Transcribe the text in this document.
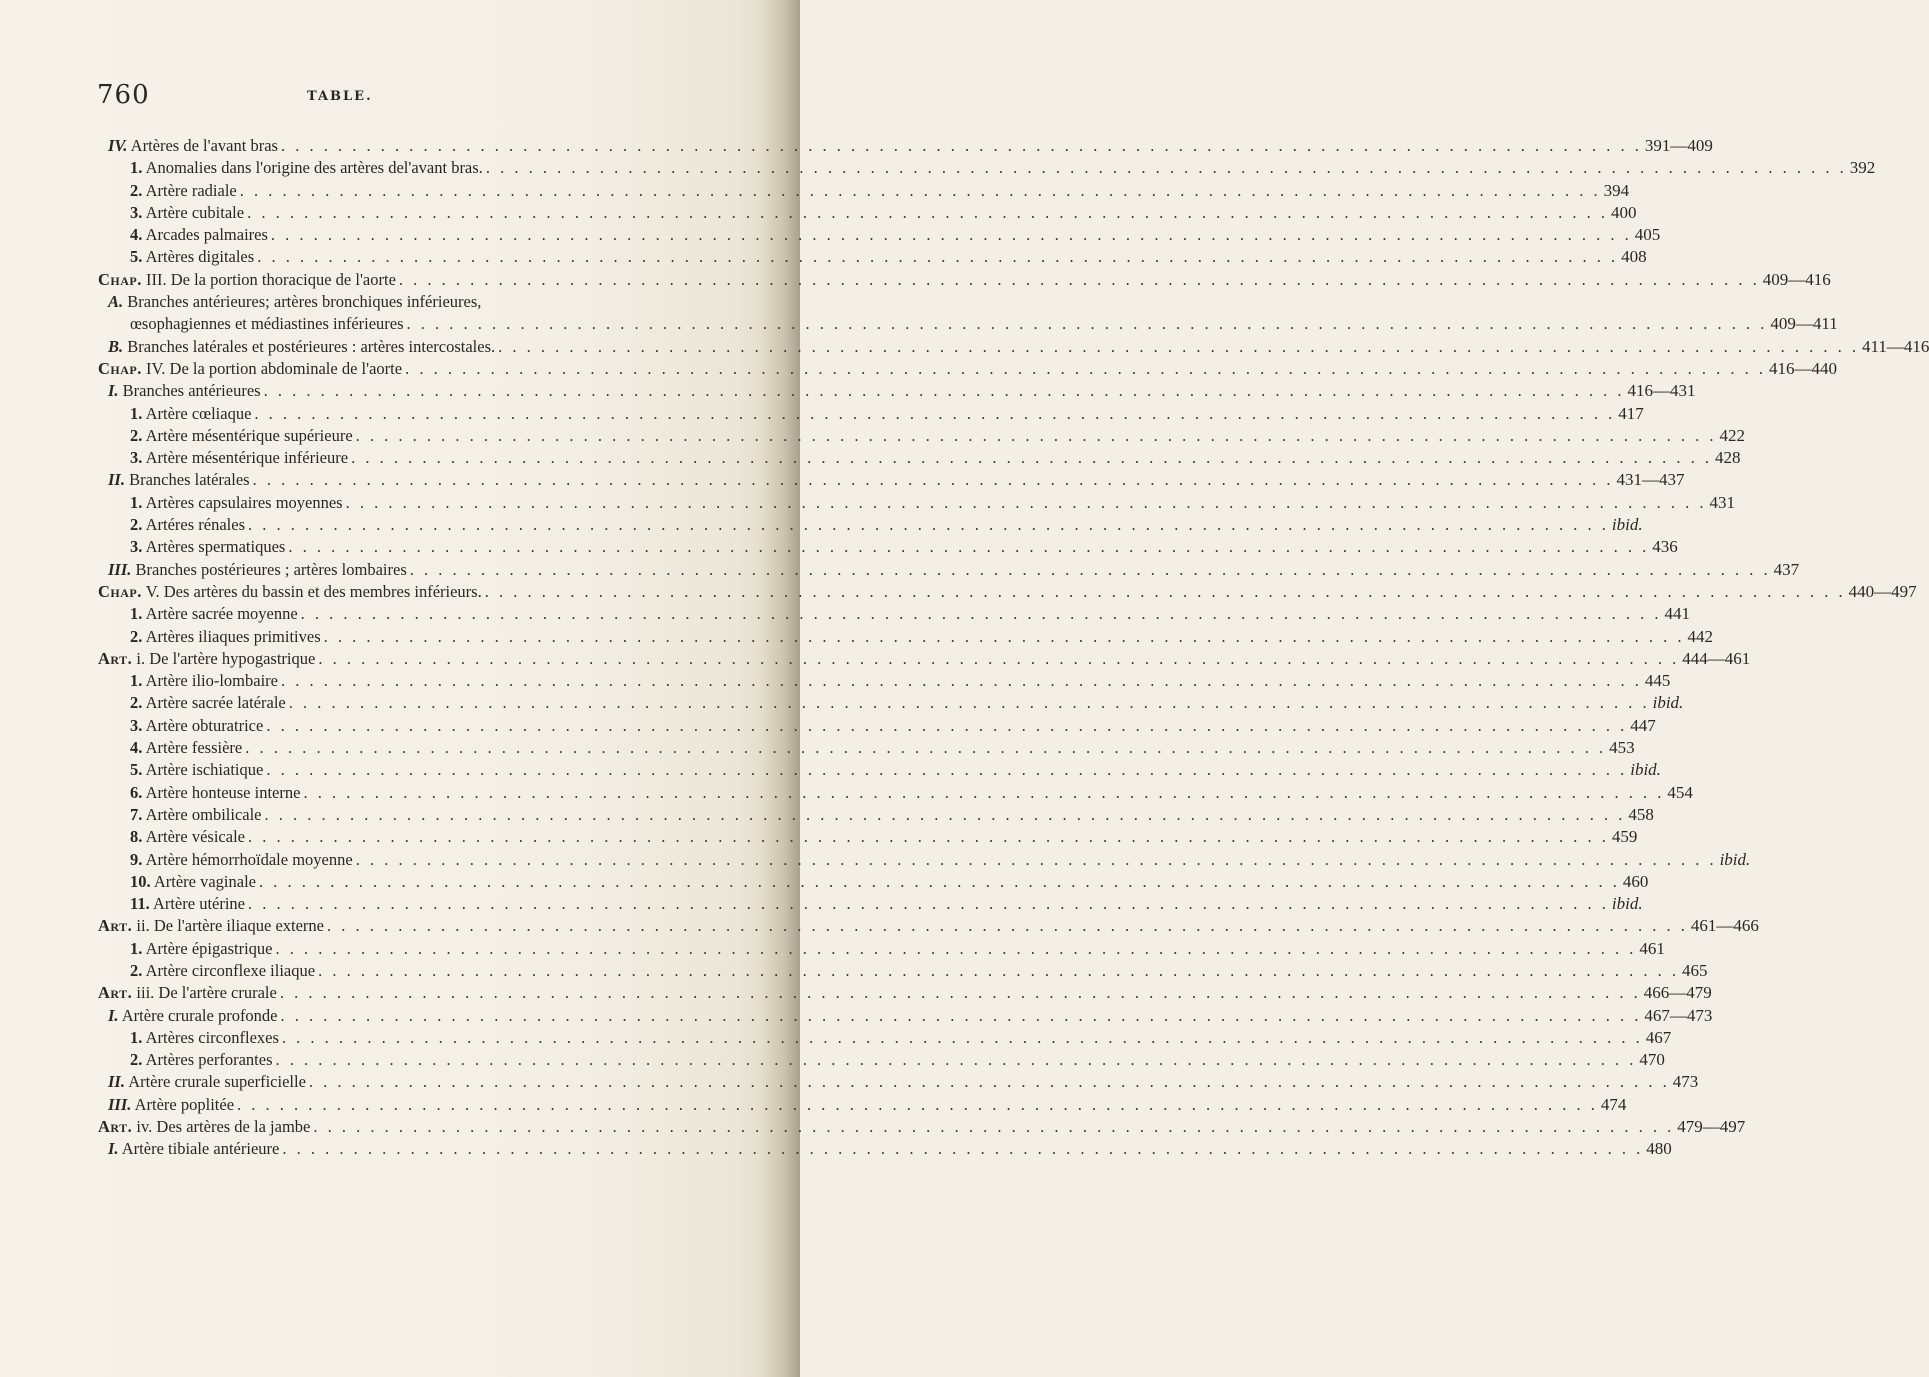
760	TABLE.
IV. Artères de l'avant bras . . .	391—409
1. Anomalies dans l'origine des artères del'avant bras. . . .	392
2. Artère radiale . . .	394
3. Artère cubitale . . .	400
4. Arcades palmaires . . .	405
5. Artères digitales . . .	408
Chap. III. De la portion thoracique de l'aorte . . .	409—416
A. Branches antérieures; artères bronchiques inférieures,
œsophagiennes et médiastines inférieures . . .	409—411
B. Branches latérales et postérieures : artères intercostales. . . .	411—416
Chap. IV. De la portion abdominale de l'aorte . . .	416—440
I. Branches antérieures . . .	416—431
1. Artère cœliaque . . .	417
2. Artère mésentérique supérieure . . .	422
3. Artère mésentérique inférieure . . .	428
II. Branches latérales . . .	431—437
1. Artères capsulaires moyennes . . .	431
2. Artéres rénales . . .	ibid.
3. Artères spermatiques . . .	436
III. Branches postérieures ; artères lombaires . . .	437
Chap. V. Des artères du bassin et des membres inférieurs. . . .	440—497
1. Artère sacrée moyenne . . .	441
2. Artères iliaques primitives . . .	442
Art. i. De l'artère hypogastrique . . .	444—461
1. Artère ilio-lombaire . . .	445
2. Artère sacrée latérale . . .	ibid.
3. Artère obturatrice . . .	447
4. Artère fessière . . .	453
5. Artère ischiatique . . .	ibid.
6. Artère honteuse interne . . .	454
7. Artère ombilicale . . .	458
8. Artère vésicale . . .	459
9. Artère hémorrhoïdale moyenne . . .	ibid.
10. Artère vaginale . . .	460
11. Artère utérine . . .	ibid.
Art. ii. De l'artère iliaque externe . . .	461—466
1. Artère épigastrique . . .	461
2. Artère circonflexe iliaque . . .	465
Art. iii. De l'artère crurale . . .	466—479
I. Artère crurale profonde . . .	467—473
1. Artères circonflexes . . .	467
2. Artères perforantes . . .	470
II. Artère crurale superficielle . . .	473
III. Artère poplitée . . .	474
Art. iv. Des artères de la jambe . . .	479—497
I. Artère tibiale antérieure . . .	480
